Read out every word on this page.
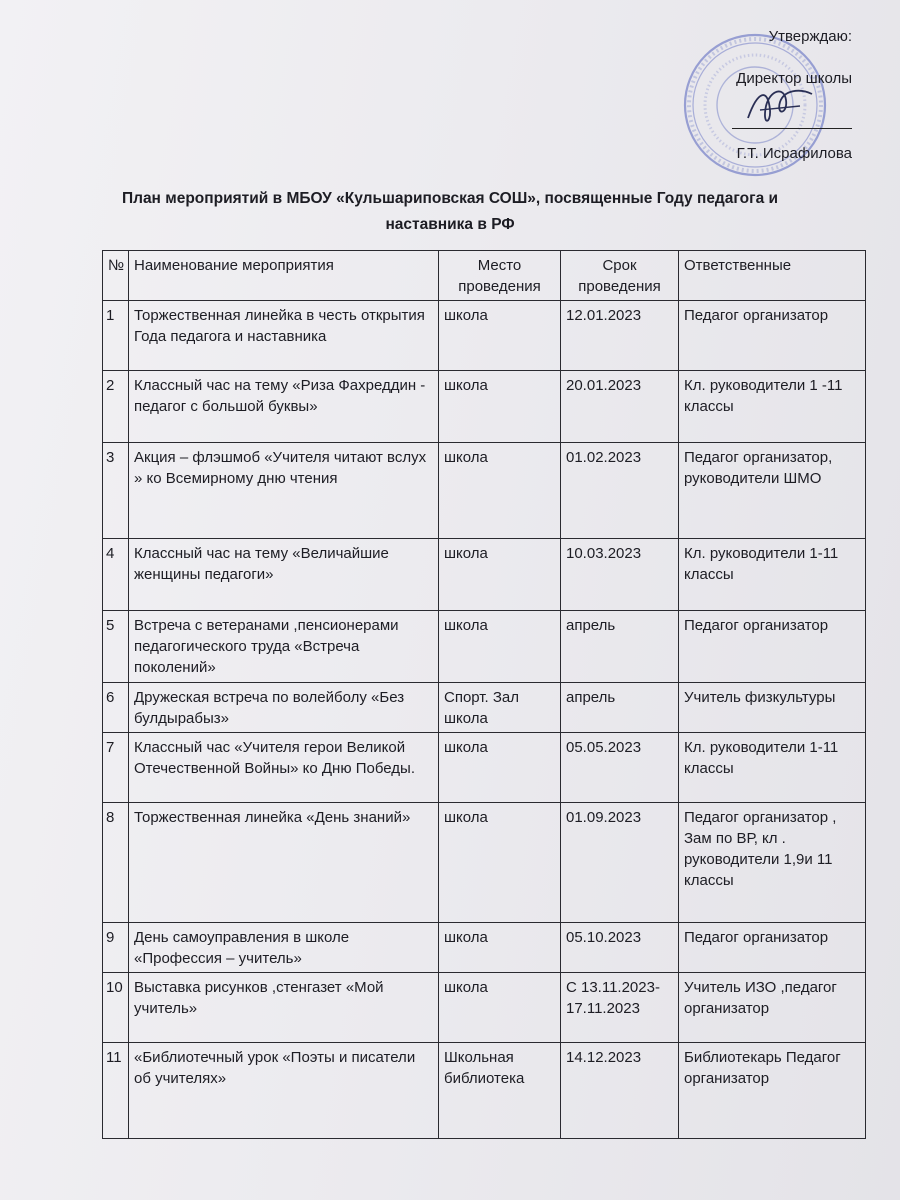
Утверждаю:
Директор школы
Г.Т. Исрафилова
План мероприятий в МБОУ «Кульшариповская СОШ», посвященные Году педагога и наставника в РФ
№	Наименование мероприятия	Место проведения	Срок проведения	Ответственные
1	Торжественная линейка в честь открытия Года педагога и наставника	школа	12.01.2023	Педагог организатор
2	Классный час на тему «Риза Фахреддин - педагог с большой буквы»	школа	20.01.2023	Кл. руководители 1 -11 классы
3	Акция – флэшмоб «Учителя читают вслух » ко Всемирному дню чтения	школа	01.02.2023	Педагог организатор, руководители ШМО
4	Классный час на тему «Величайшие женщины педагоги»	школа	10.03.2023	Кл. руководители 1-11 классы
5	Встреча с ветеранами ,пенсионерами педагогического труда «Встреча поколений»	школа	апрель	Педагог организатор
6	Дружеская встреча по волейболу «Без булдырабыз»	Спорт. Зал школа	апрель	Учитель физкультуры
7	Классный час «Учителя герои Великой Отечественной Войны» ко Дню Победы.	школа	05.05.2023	Кл. руководители 1-11 классы
8	Торжественная линейка «День знаний»	школа	01.09.2023	Педагог организатор , Зам по ВР, кл . руководители 1,9и 11 классы
9	День самоуправления в школе «Профессия – учитель»	школа	05.10.2023	Педагог организатор
10	Выставка рисунков ,стенгазет «Мой учитель»	школа	С 13.11.2023-17.11.2023	Учитель ИЗО ,педагог организатор
11	«Библиотечный урок «Поэты и писатели об учителях»	Школьная библиотека	14.12.2023	Библиотекарь Педагог организатор
